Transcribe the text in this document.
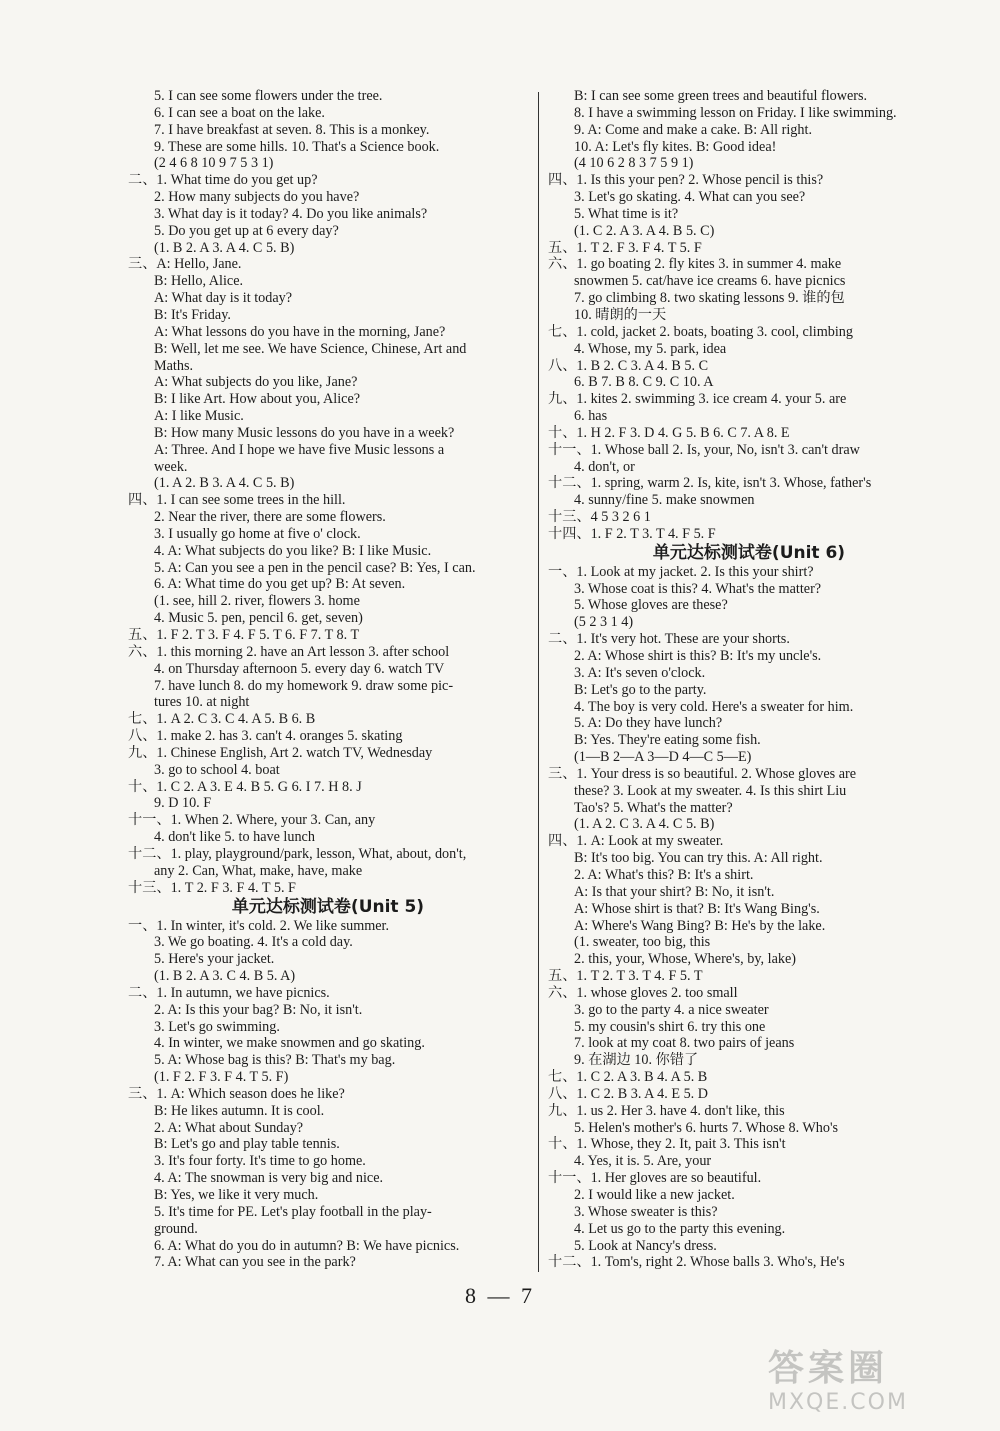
5. I can see some flowers under the tree.
6. I can see a boat on the lake.
7. I have breakfast at seven. 8. This is a monkey.
9. These are some hills. 10. That's a Science book.
(2 4 6 8 10 9 7 5 3 1)
二、1. What time do you get up?
2. How many subjects do you have?
3. What day is it today? 4. Do you like animals?
5. Do you get up at 6 every day?
(1. B 2. A 3. A 4. C 5. B)
三、A: Hello, Jane.
B: Hello, Alice.
A: What day is it today?
B: It's Friday.
A: What lessons do you have in the morning, Jane?
B: Well, let me see. We have Science, Chinese, Art and
Maths.
A: What subjects do you like, Jane?
B: I like Art. How about you, Alice?
A: I like Music.
B: How many Music lessons do you have in a week?
A: Three. And I hope we have five Music lessons a
week.
(1. A 2. B 3. A 4. C 5. B)
四、1. I can see some trees in the hill.
2. Near the river, there are some flowers.
3. I usually go home at five o' clock.
4. A: What subjects do you like? B: I like Music.
5. A: Can you see a pen in the pencil case? B: Yes, I can.
6. A: What time do you get up? B: At seven.
(1. see, hill 2. river, flowers 3. home
4. Music 5. pen, pencil 6. get, seven)
五、1. F 2. T 3. F 4. F 5. T 6. F 7. T 8. T
六、1. this morning 2. have an Art lesson 3. after school
4. on Thursday afternoon 5. every day 6. watch TV
7. have lunch 8. do my homework 9. draw some pic-
tures 10. at night
七、1. A 2. C 3. C 4. A 5. B 6. B
八、1. make 2. has 3. can't 4. oranges 5. skating
九、1. Chinese English, Art 2. watch TV, Wednesday
3. go to school 4. boat
十、1. C 2. A 3. E 4. B 5. G 6. I 7. H 8. J
9. D 10. F
十一、1. When 2. Where, your 3. Can, any
4. don't like 5. to have lunch
十二、1. play, playground/park, lesson, What, about, don't,
any 2. Can, What, make, have, make
十三、1. T 2. F 3. F 4. T 5. F
单元达标测试卷(Unit 5)
一、1. In winter, it's cold. 2. We like summer.
3. We go boating. 4. It's a cold day.
5. Here's your jacket.
(1. B 2. A 3. C 4. B 5. A)
二、1. In autumn, we have picnics.
2. A: Is this your bag? B: No, it isn't.
3. Let's go swimming.
4. In winter, we make snowmen and go skating.
5. A: Whose bag is this? B: That's my bag.
(1. F 2. F 3. F 4. T 5. F)
三、1. A: Which season does he like?
B: He likes autumn. It is cool.
2. A: What about Sunday?
B: Let's go and play table tennis.
3. It's four forty. It's time to go home.
4. A: The snowman is very big and nice.
B: Yes, we like it very much.
5. It's time for PE. Let's play football in the play-
ground.
6. A: What do you do in autumn? B: We have picnics.
7. A: What can you see in the park?
B: I can see some green trees and beautiful flowers.
8. I have a swimming lesson on Friday. I like swimming.
9. A: Come and make a cake. B: All right.
10. A: Let's fly kites. B: Good idea!
(4 10 6 2 8 3 7 5 9 1)
四、1. Is this your pen? 2. Whose pencil is this?
3. Let's go skating. 4. What can you see?
5. What time is it?
(1. C 2. A 3. A 4. B 5. C)
五、1. T 2. F 3. F 4. T 5. F
六、1. go boating 2. fly kites 3. in summer 4. make
snowmen 5. cat/have ice creams 6. have picnics
7. go climbing 8. two skating lessons 9. 谁的包
10. 晴朗的一天
七、1. cold, jacket 2. boats, boating 3. cool, climbing
4. Whose, my 5. park, idea
八、1. B 2. C 3. A 4. B 5. C
6. B 7. B 8. C 9. C 10. A
九、1. kites 2. swimming 3. ice cream 4. your 5. are
6. has
十、1. H 2. F 3. D 4. G 5. B 6. C 7. A 8. E
十一、1. Whose ball 2. Is, your, No, isn't 3. can't draw
4. don't, or
十二、1. spring, warm 2. Is, kite, isn't 3. Whose, father's
4. sunny/fine 5. make snowmen
十三、4 5 3 2 6 1
十四、1. F 2. T 3. T 4. F 5. F
单元达标测试卷(Unit 6)
一、1. Look at my jacket. 2. Is this your shirt?
3. Whose coat is this? 4. What's the matter?
5. Whose gloves are these?
(5 2 3 1 4)
二、1. It's very hot. These are your shorts.
2. A: Whose shirt is this? B: It's my uncle's.
3. A: It's seven o'clock.
B: Let's go to the party.
4. The boy is very cold. Here's a sweater for him.
5. A: Do they have lunch?
B: Yes. They're eating some fish.
(1—B 2—A 3—D 4—C 5—E)
三、1. Your dress is so beautiful. 2. Whose gloves are
these? 3. Look at my sweater. 4. Is this shirt Liu
Tao's? 5. What's the matter?
(1. A 2. C 3. A 4. C 5. B)
四、1. A: Look at my sweater.
B: It's too big. You can try this. A: All right.
2. A: What's this? B: It's a shirt.
A: Is that your shirt? B: No, it isn't.
A: Whose shirt is that? B: It's Wang Bing's.
A: Where's Wang Bing? B: He's by the lake.
(1. sweater, too big, this
2. this, your, Whose, Where's, by, lake)
五、1. T 2. T 3. T 4. F 5. T
六、1. whose gloves 2. too small
3. go to the party 4. a nice sweater
5. my cousin's shirt 6. try this one
7. look at my coat 8. two pairs of jeans
9. 在湖边 10. 你错了
七、1. C 2. A 3. B 4. A 5. B
八、1. C 2. B 3. A 4. E 5. D
九、1. us 2. Her 3. have 4. don't like, this
5. Helen's mother's 6. hurts 7. Whose 8. Who's
十、1. Whose, they 2. It, pait 3. This isn't
4. Yes, it is. 5. Are, your
十一、1. Her gloves are so beautiful.
2. I would like a new jacket.
3. Whose sweater is this?
4. Let us go to the party this evening.
5. Look at Nancy's dress.
十二、1. Tom's, right 2. Whose balls 3. Who's, He's
8 — 7
答案圈
MXQE.COM
